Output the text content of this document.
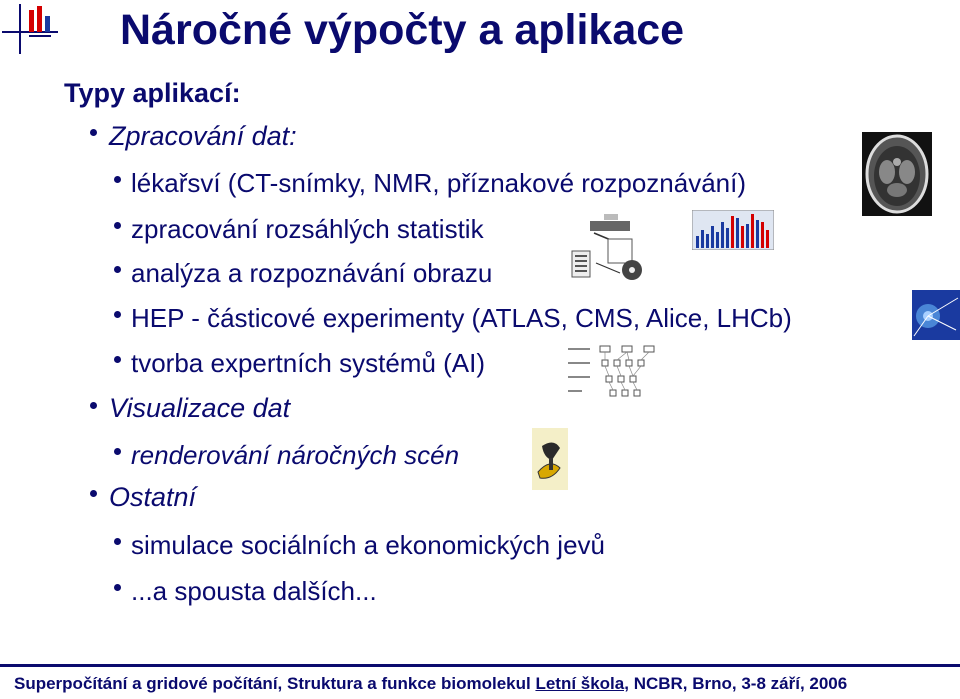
Náročné výpočty a aplikace
Typy aplikací:
Zpracování dat:
lékařsví (CT-snímky, NMR, příznakové rozpoznávání)
zpracování rozsáhlých statistik
analýza a rozpoznávání obrazu
HEP - částicové experimenty (ATLAS, CMS, Alice, LHCb)
tvorba expertních systémů (AI)
Visualizace dat
renderování náročných scén
Ostatní
simulace sociálních a ekonomických jevů
...a spousta dalších...
Superpočítání a gridové počítání, Struktura a funkce biomolekul Letní škola, NCBR, Brno, 3-8 září, 2006
